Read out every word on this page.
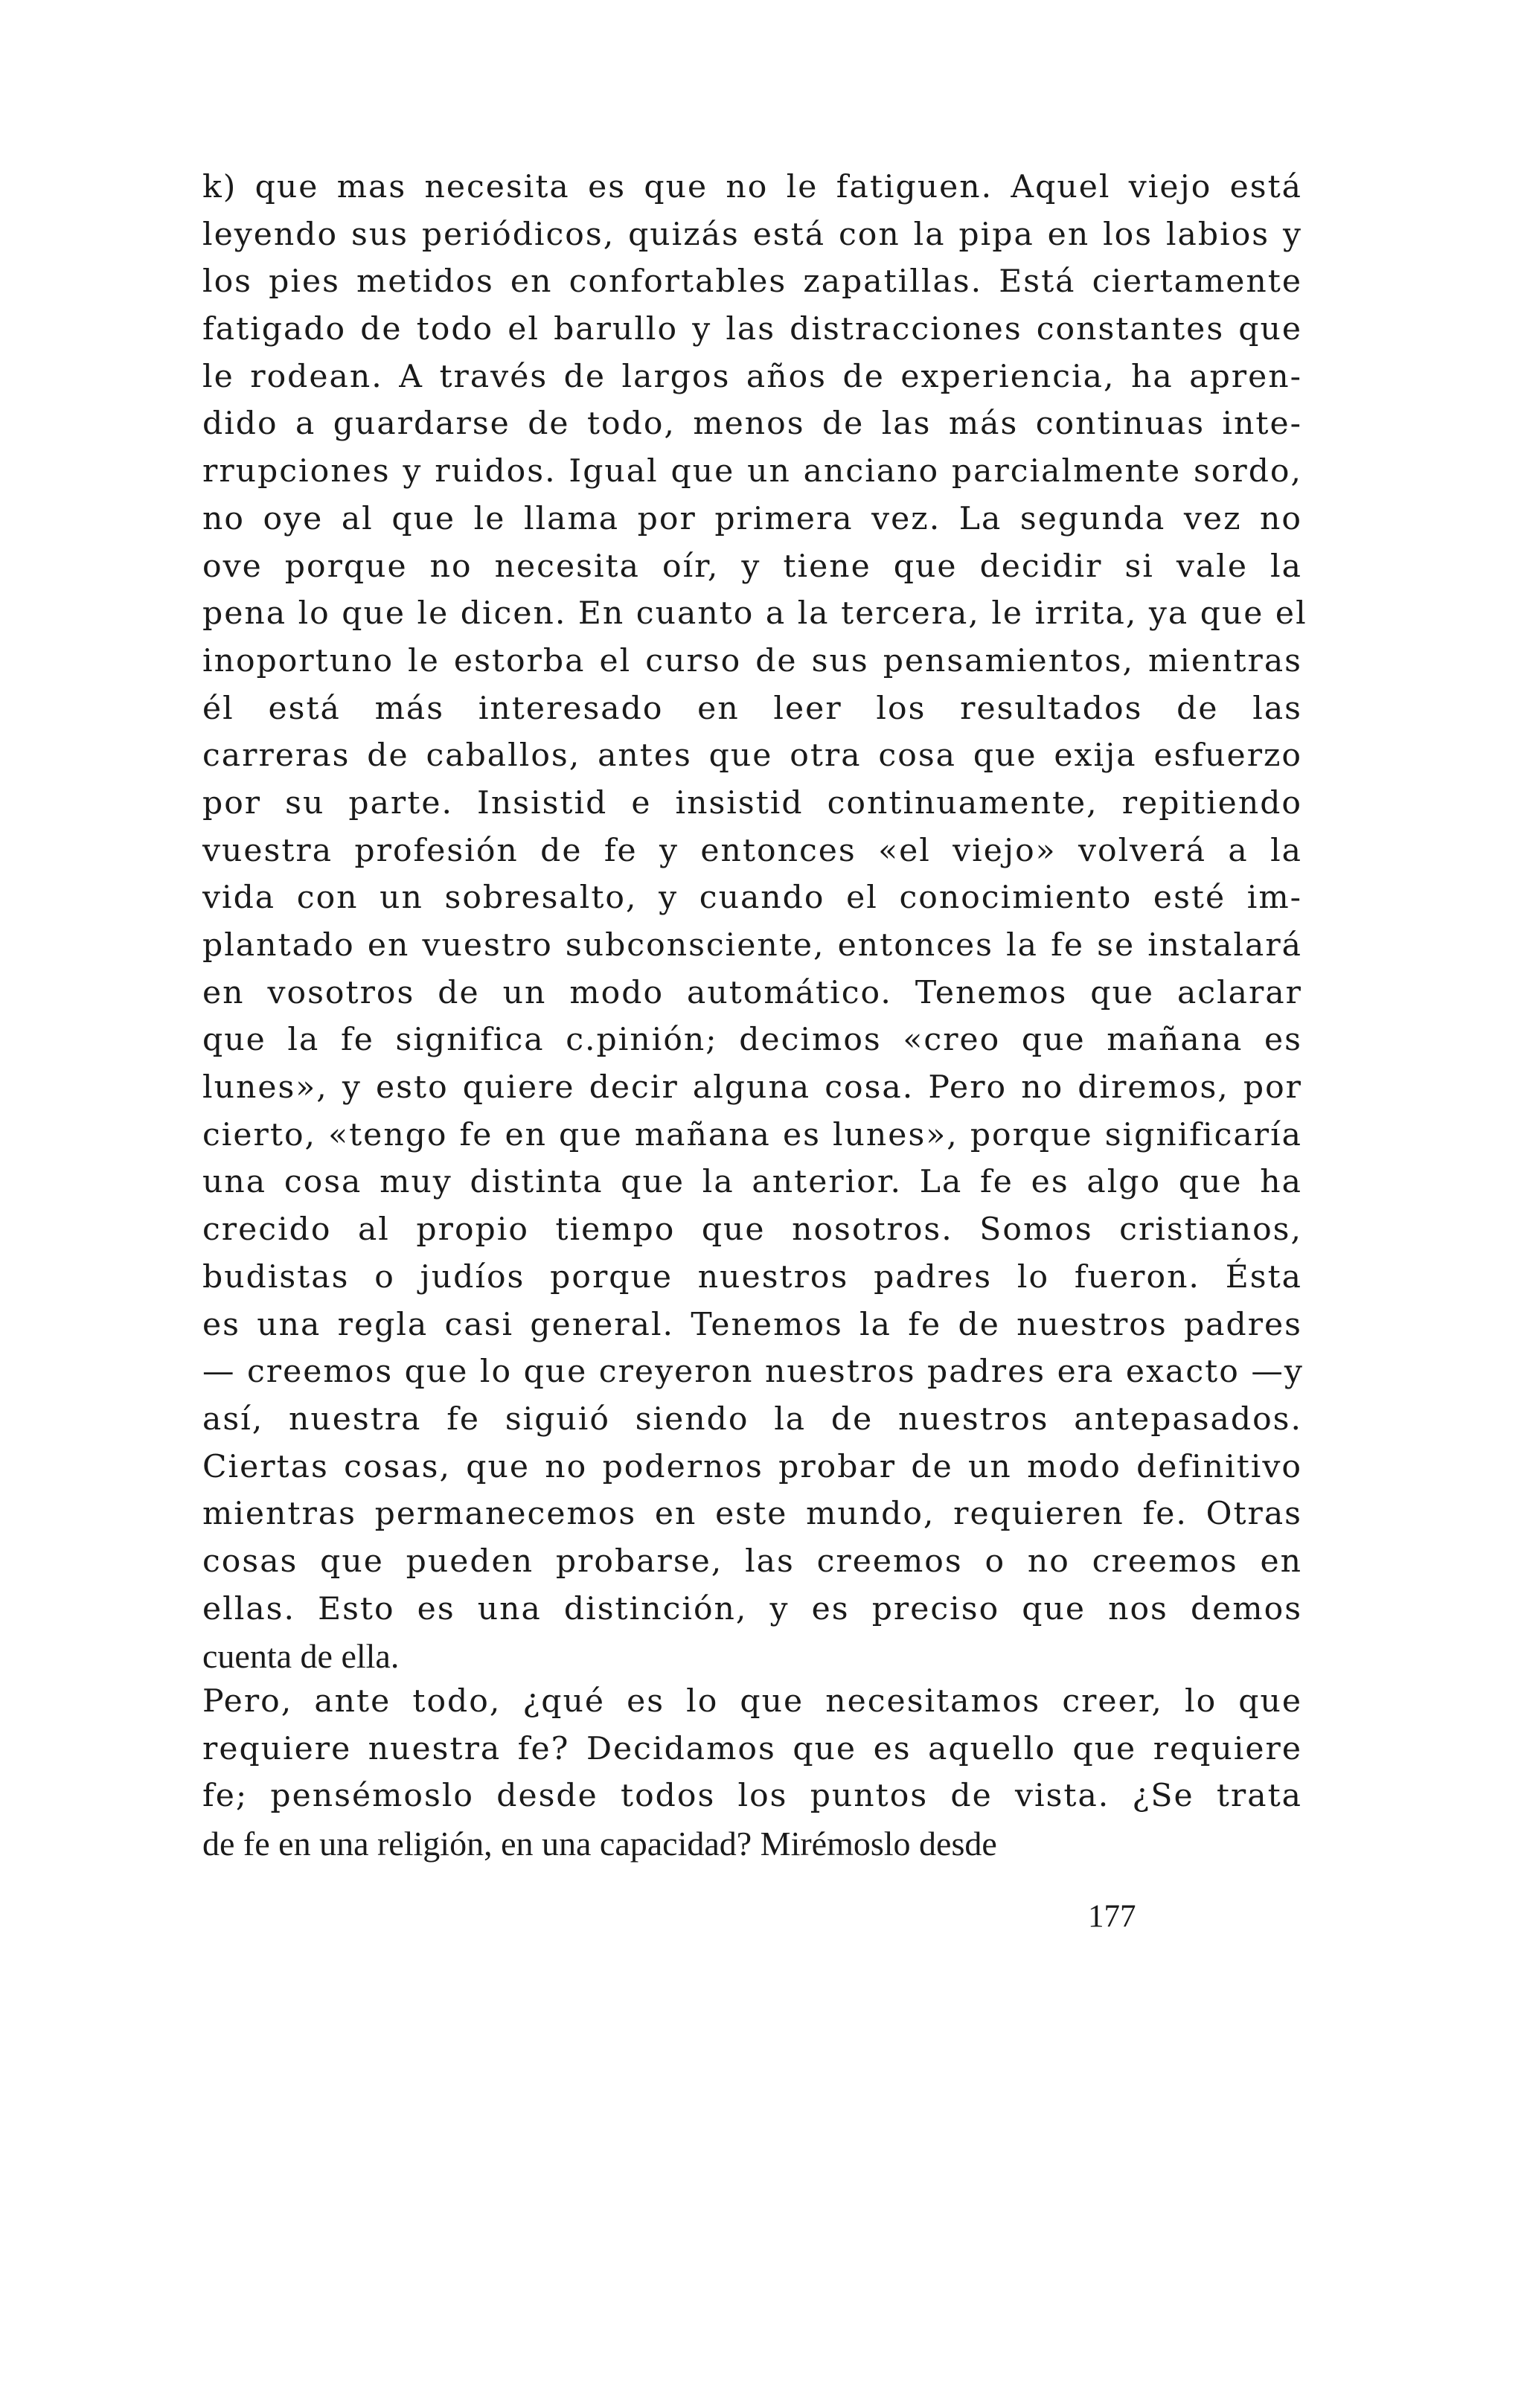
k) que mas necesita es que no le fatiguen. Aquel viejo está
leyendo sus periódicos, quizás está con la pipa en los labios y
los pies metidos en confortables zapatillas. Está ciertamente
fatigado de todo el barullo y las distracciones constantes que
le rodean. A través de largos años de experiencia, ha apren-
dido a guardarse de todo, menos de las más continuas inte-
rrupciones y ruidos. Igual que un anciano parcialmente sordo,
no oye al que le llama por primera vez. La segunda vez no
ove porque no necesita oír, y tiene que decidir si vale la
pena lo que le dicen. En cuanto a la tercera, le irrita, ya que el
inoportuno le estorba el curso de sus pensamientos, mientras
él está más interesado en leer los resultados de las
carreras de caballos, antes que otra cosa que exija esfuerzo
por su parte. Insistid e insistid continuamente, repitiendo
vuestra profesión de fe y entonces «el viejo» volverá a la
vida con un sobresalto, y cuando el conocimiento esté im-
plantado en vuestro subconsciente, entonces la fe se instalará
en vosotros de un modo automático. Tenemos que aclarar
que la fe significa c.pinión; decimos «creo que mañana es
lunes», y esto quiere decir alguna cosa. Pero no diremos, por
cierto, «tengo fe en que mañana es lunes», porque significaría
una cosa muy distinta que la anterior. La fe es algo que ha
crecido al propio tiempo que nosotros. Somos cristianos,
budistas o judíos porque nuestros padres lo fueron. Ésta
es una regla casi general. Tenemos la fe de nuestros padres
— creemos que lo que creyeron nuestros padres era exacto —y
así, nuestra fe siguió siendo la de nuestros antepasados.
Ciertas cosas, que no podernos probar de un modo definitivo
mientras permanecemos en este mundo, requieren fe. Otras
cosas que pueden probarse, las creemos o no creemos en
ellas. Esto es una distinción, y es preciso que nos demos
cuenta de ella.
Pero, ante todo, ¿qué es lo que necesitamos creer, lo que
requiere nuestra fe? Decidamos que es aquello que requiere
fe; pensémoslo desde todos los puntos de vista. ¿Se trata
de fe en una religión, en una capacidad? Mirémoslo desde
177
